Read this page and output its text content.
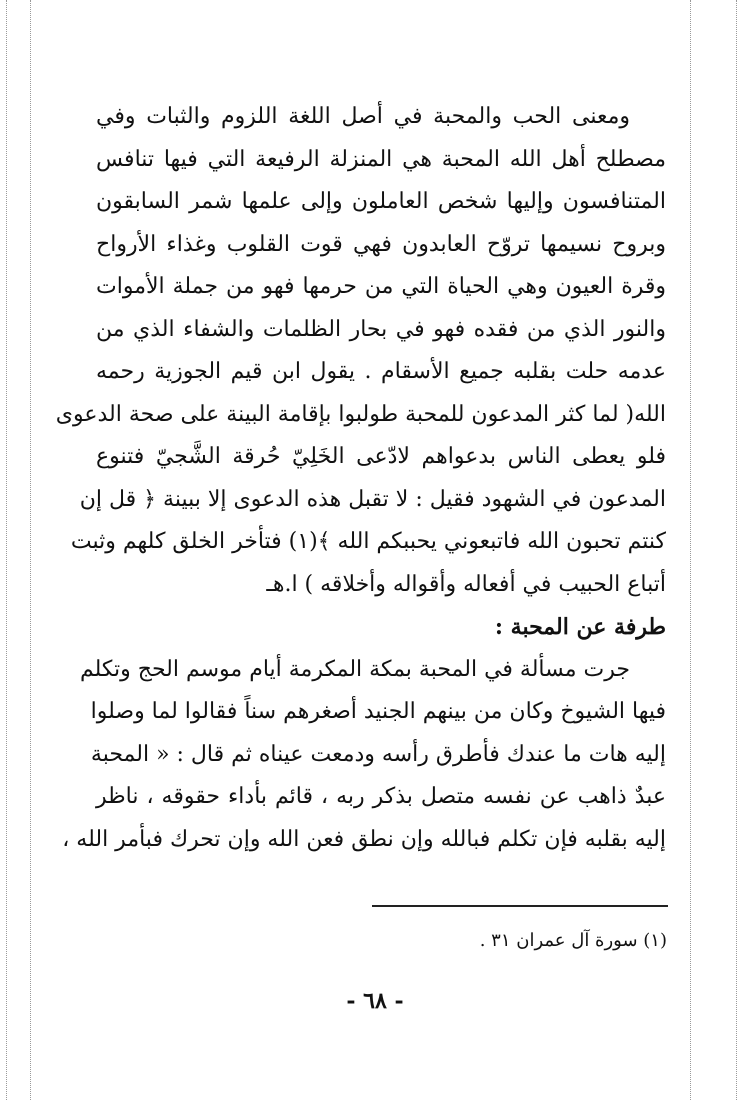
ومعنى الحب والمحبة في أصل اللغة اللزوم والثبات وفي
مصطلح أهل الله المحبة هي المنزلة الرفيعة التي فيها تنافس
المتنافسون وإليها شخص العاملون وإلى علمها شمر السابقون
وبروح نسيمها تروّح العابدون فهي قوت القلوب وغذاء الأرواح
وقرة العيون وهي الحياة التي من حرمها فهو من جملة الأموات
والنور الذي من فقده فهو في بحار الظلمات والشفاء الذي من
عدمه حلت بقلبه جميع الأسقام . يقول ابن قيم الجوزية رحمه
الله( لما كثر المدعون للمحبة طولبوا بإقامة البينة على صحة الدعوى
فلو يعطى الناس بدعواهم لادّعى الخَلِيّ حُرقة الشَّجيّ فتنوع
المدعون في الشهود فقيل : لا تقبل هذه الدعوى إلا ببينة ﴿ قل إن
كنتم تحبون الله فاتبعوني يحببكم الله ﴾(١) فتأخر الخلق كلهم وثبت
أتباع الحبيب في أفعاله وأقواله وأخلاقه ) ا.هـ
طرفة عن المحبة :
جرت مسألة في المحبة بمكة المكرمة أيام موسم الحج وتكلم
فيها الشيوخ وكان من بينهم الجنيد أصغرهم سناً فقالوا لما وصلوا
إليه هات ما عندك فأطرق رأسه ودمعت عيناه ثم قال : « المحبة
عبدٌ ذاهب عن نفسه متصل بذكر ربه ، قائم بأداء حقوقه ، ناظر
إليه بقلبه فإن تكلم فبالله وإن نطق فعن الله وإن تحرك فبأمر الله ،
(١) سورة آل عمران ٣١ .
- ٦٨ -
